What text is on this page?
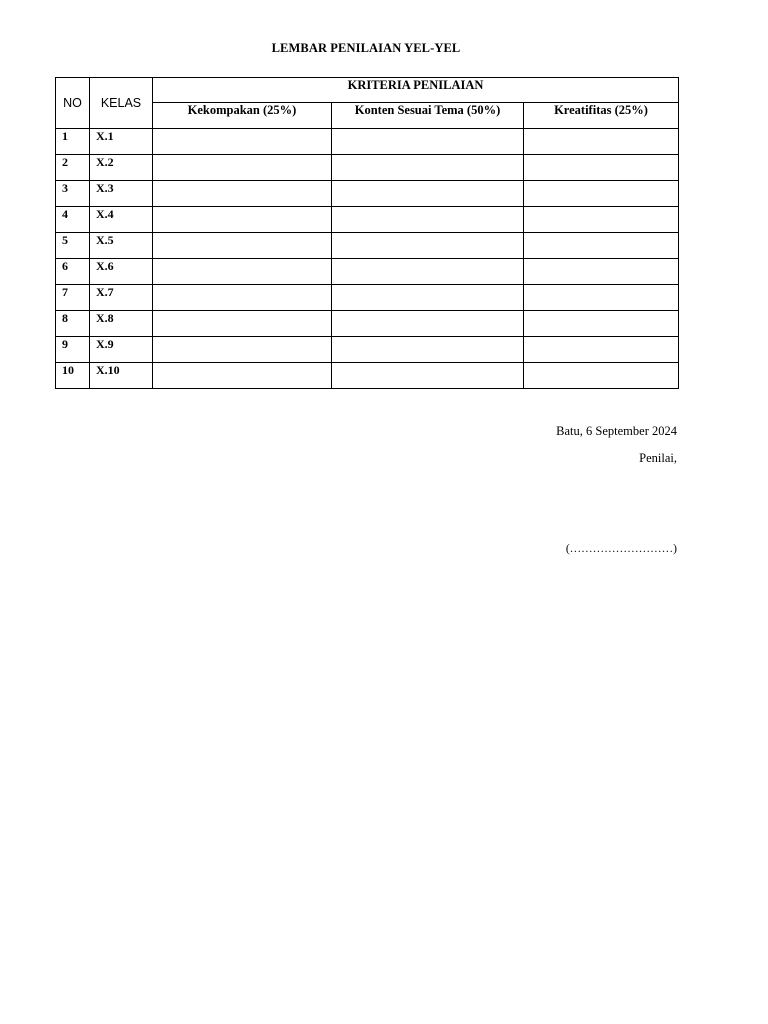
LEMBAR PENILAIAN YEL-YEL
NO	KELAS	KRITERIA PENILAIAN		
		Kekompakan (25%)	Konten Sesuai Tema (50%)	Kreatifitas (25%)
1	X.1			
2	X.2			
3	X.3			
4	X.4			
5	X.5			
6	X.6			
7	X.7			
8	X.8			
9	X.9			
10	X.10			
Batu, 6 September 2024
Penilai,
(………………………)
